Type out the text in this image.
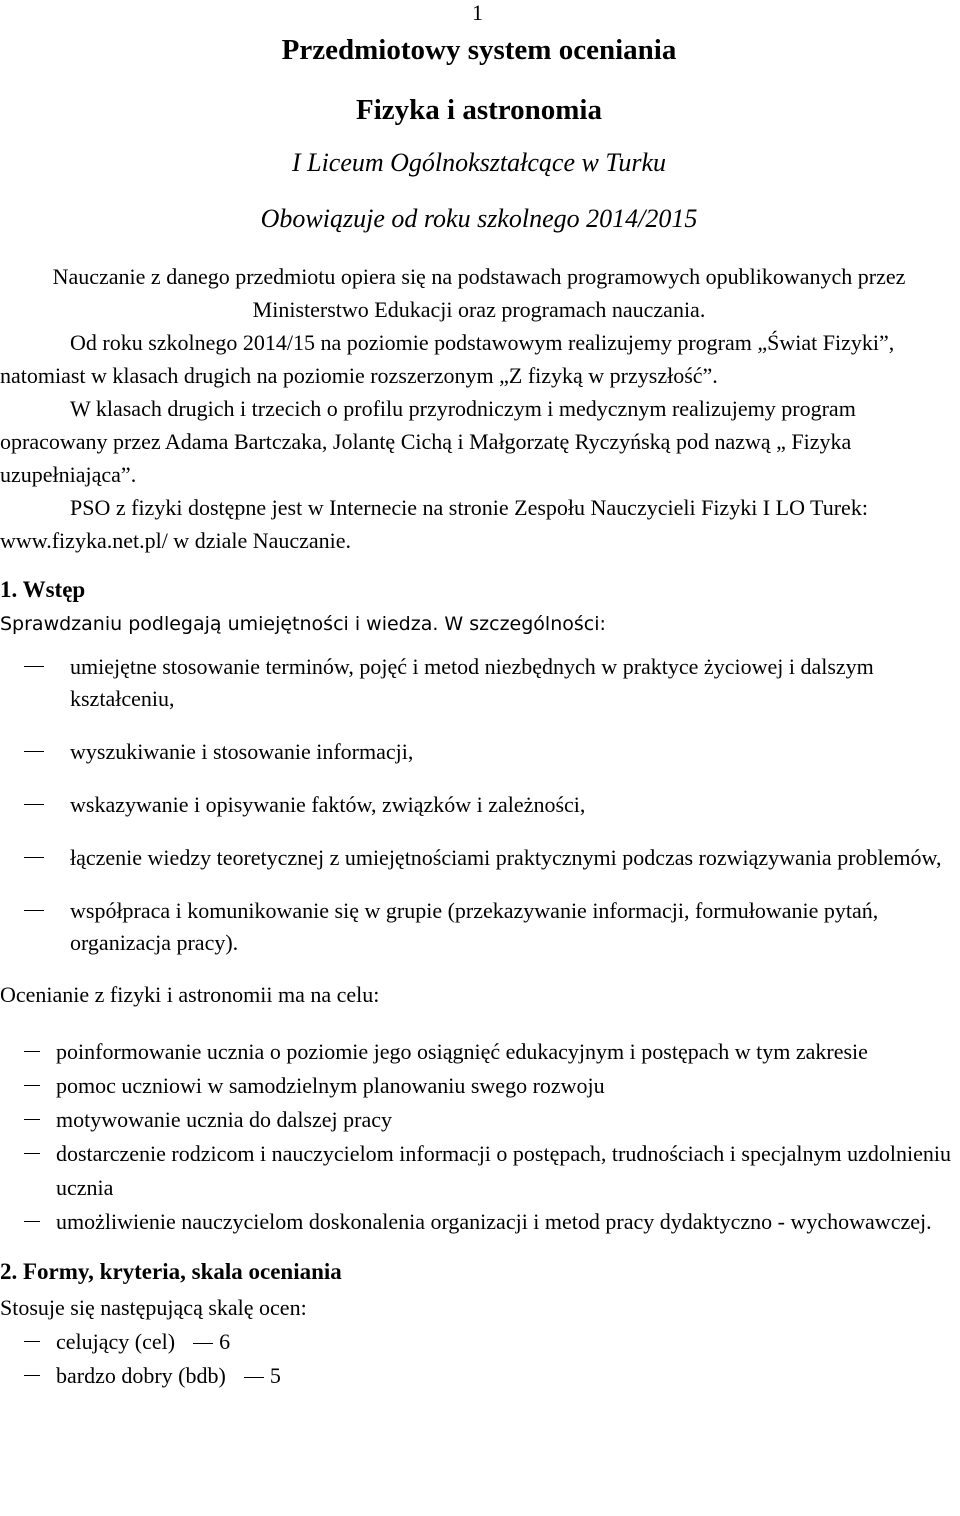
1
Przedmiotowy system oceniania
Fizyka i astronomia
I Liceum Ogólnokształcące w Turku
Obowiązuje od roku szkolnego 2014/2015

Nauczanie z danego przedmiotu opiera się na podstawach programowych opublikowanych przez Ministerstwo Edukacji oraz programach nauczania.

Od roku szkolnego 2014/15 na poziomie podstawowym realizujemy program „Świat Fizyki”, natomiast w klasach drugich na poziomie rozszerzonym „Z fizyką w przyszłość”.

W klasach drugich i trzecich o profilu przyrodniczym i medycznym realizujemy program opracowany przez Adama Bartczaka, Jolantę Cichą i Małgorzatę Ryczyńską pod nazwą „ Fizyka uzupełniająca”.

PSO z fizyki dostępne jest w Internecie na stronie Zespołu Nauczycieli Fizyki I LO Turek: www.fizyka.net.pl/ w dziale Nauczanie.

1. Wstęp
Sprawdzaniu podlegają umiejętności i wiedza. W szczególności:
umiejętne stosowanie terminów, pojęć i metod niezbędnych w praktyce życiowej i dalszym kształceniu,
wyszukiwanie i stosowanie informacji,
wskazywanie i opisywanie faktów, związków i zależności,
łączenie wiedzy teoretycznej z umiejętnościami praktycznymi podczas rozwiązywania problemów,
współpraca i komunikowanie się w grupie (przekazywanie informacji, formułowanie pytań, organizacja pracy).
Ocenianie z fizyki i astronomii ma na celu:
poinformowanie ucznia o poziomie jego osiągnięć edukacyjnym i postępach w tym zakresie
pomoc uczniowi w samodzielnym planowaniu swego rozwoju
motywowanie ucznia do dalszej pracy
dostarczenie rodzicom i nauczycielom informacji o postępach, trudnościach i specjalnym uzdolnieniu ucznia
umożliwienie nauczycielom doskonalenia organizacji i metod pracy dydaktyczno - wychowawczej.
2. Formy, kryteria, skala oceniania
Stosuje się następującą skalę ocen:
celujący (cel) 6
bardzo dobry (bdb) 5
